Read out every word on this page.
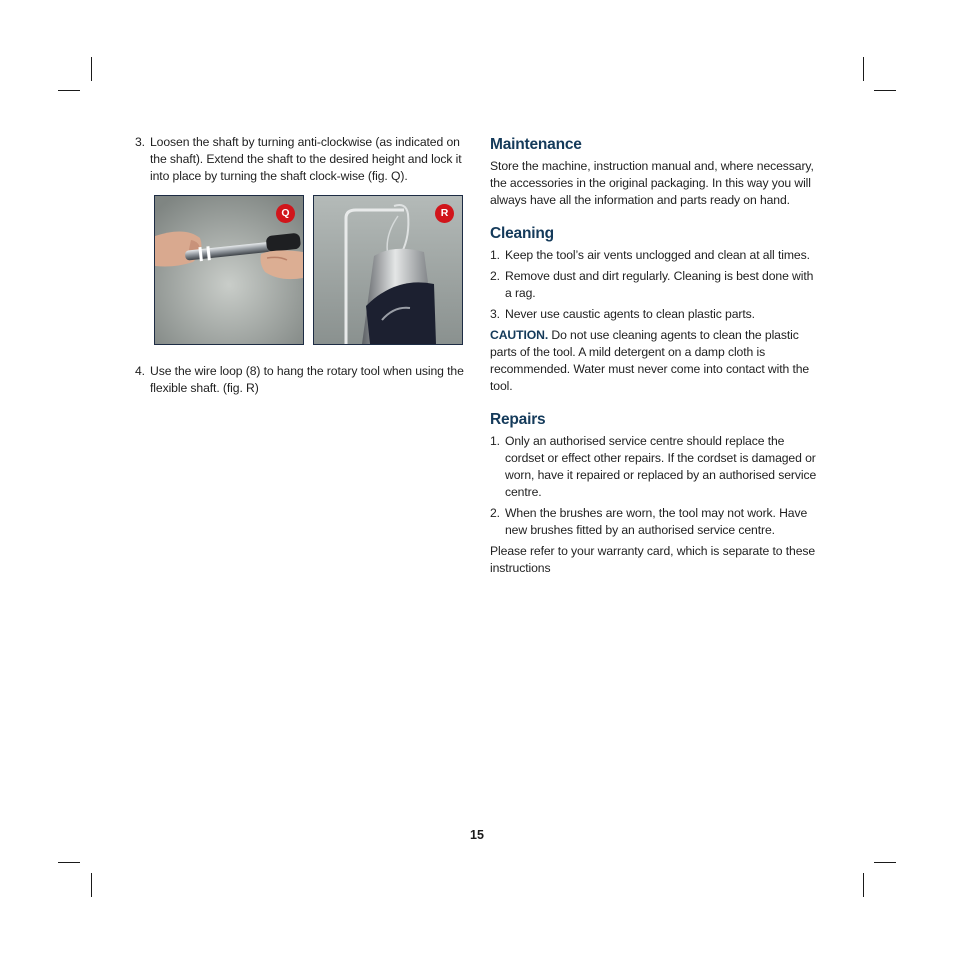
3. Loosen the shaft by turning anti-clockwise (as indicated on the shaft). Extend the shaft to the desired height and lock it into place by turning the shaft clock-wise (fig. Q).
Q	R
4. Use the wire loop (8) to hang the rotary tool when using the flexible shaft. (fig. R)
Maintenance

Store the machine, instruction manual and, where necessary, the accessories in the original packaging. In this way you will always have all the information and parts ready on hand.

Cleaning
1. Keep the tool’s air vents unclogged and clean at all times.
2. Remove dust and dirt regularly. Cleaning is best done with a rag.
3. Never use caustic agents to clean plastic parts.

CAUTION. Do not use cleaning agents to clean the plastic parts of the tool. A mild detergent on a damp cloth is recommended. Water must never come into contact with the tool.

Repairs
1. Only an authorised service centre should replace the cordset or effect other repairs. If the cordset is damaged or worn, have it repaired or replaced by an authorised service centre.
2. When the brushes are worn, the tool may not work. Have new brushes fitted by an authorised service centre.

Please refer to your warranty card, which is separate to these instructions

15
